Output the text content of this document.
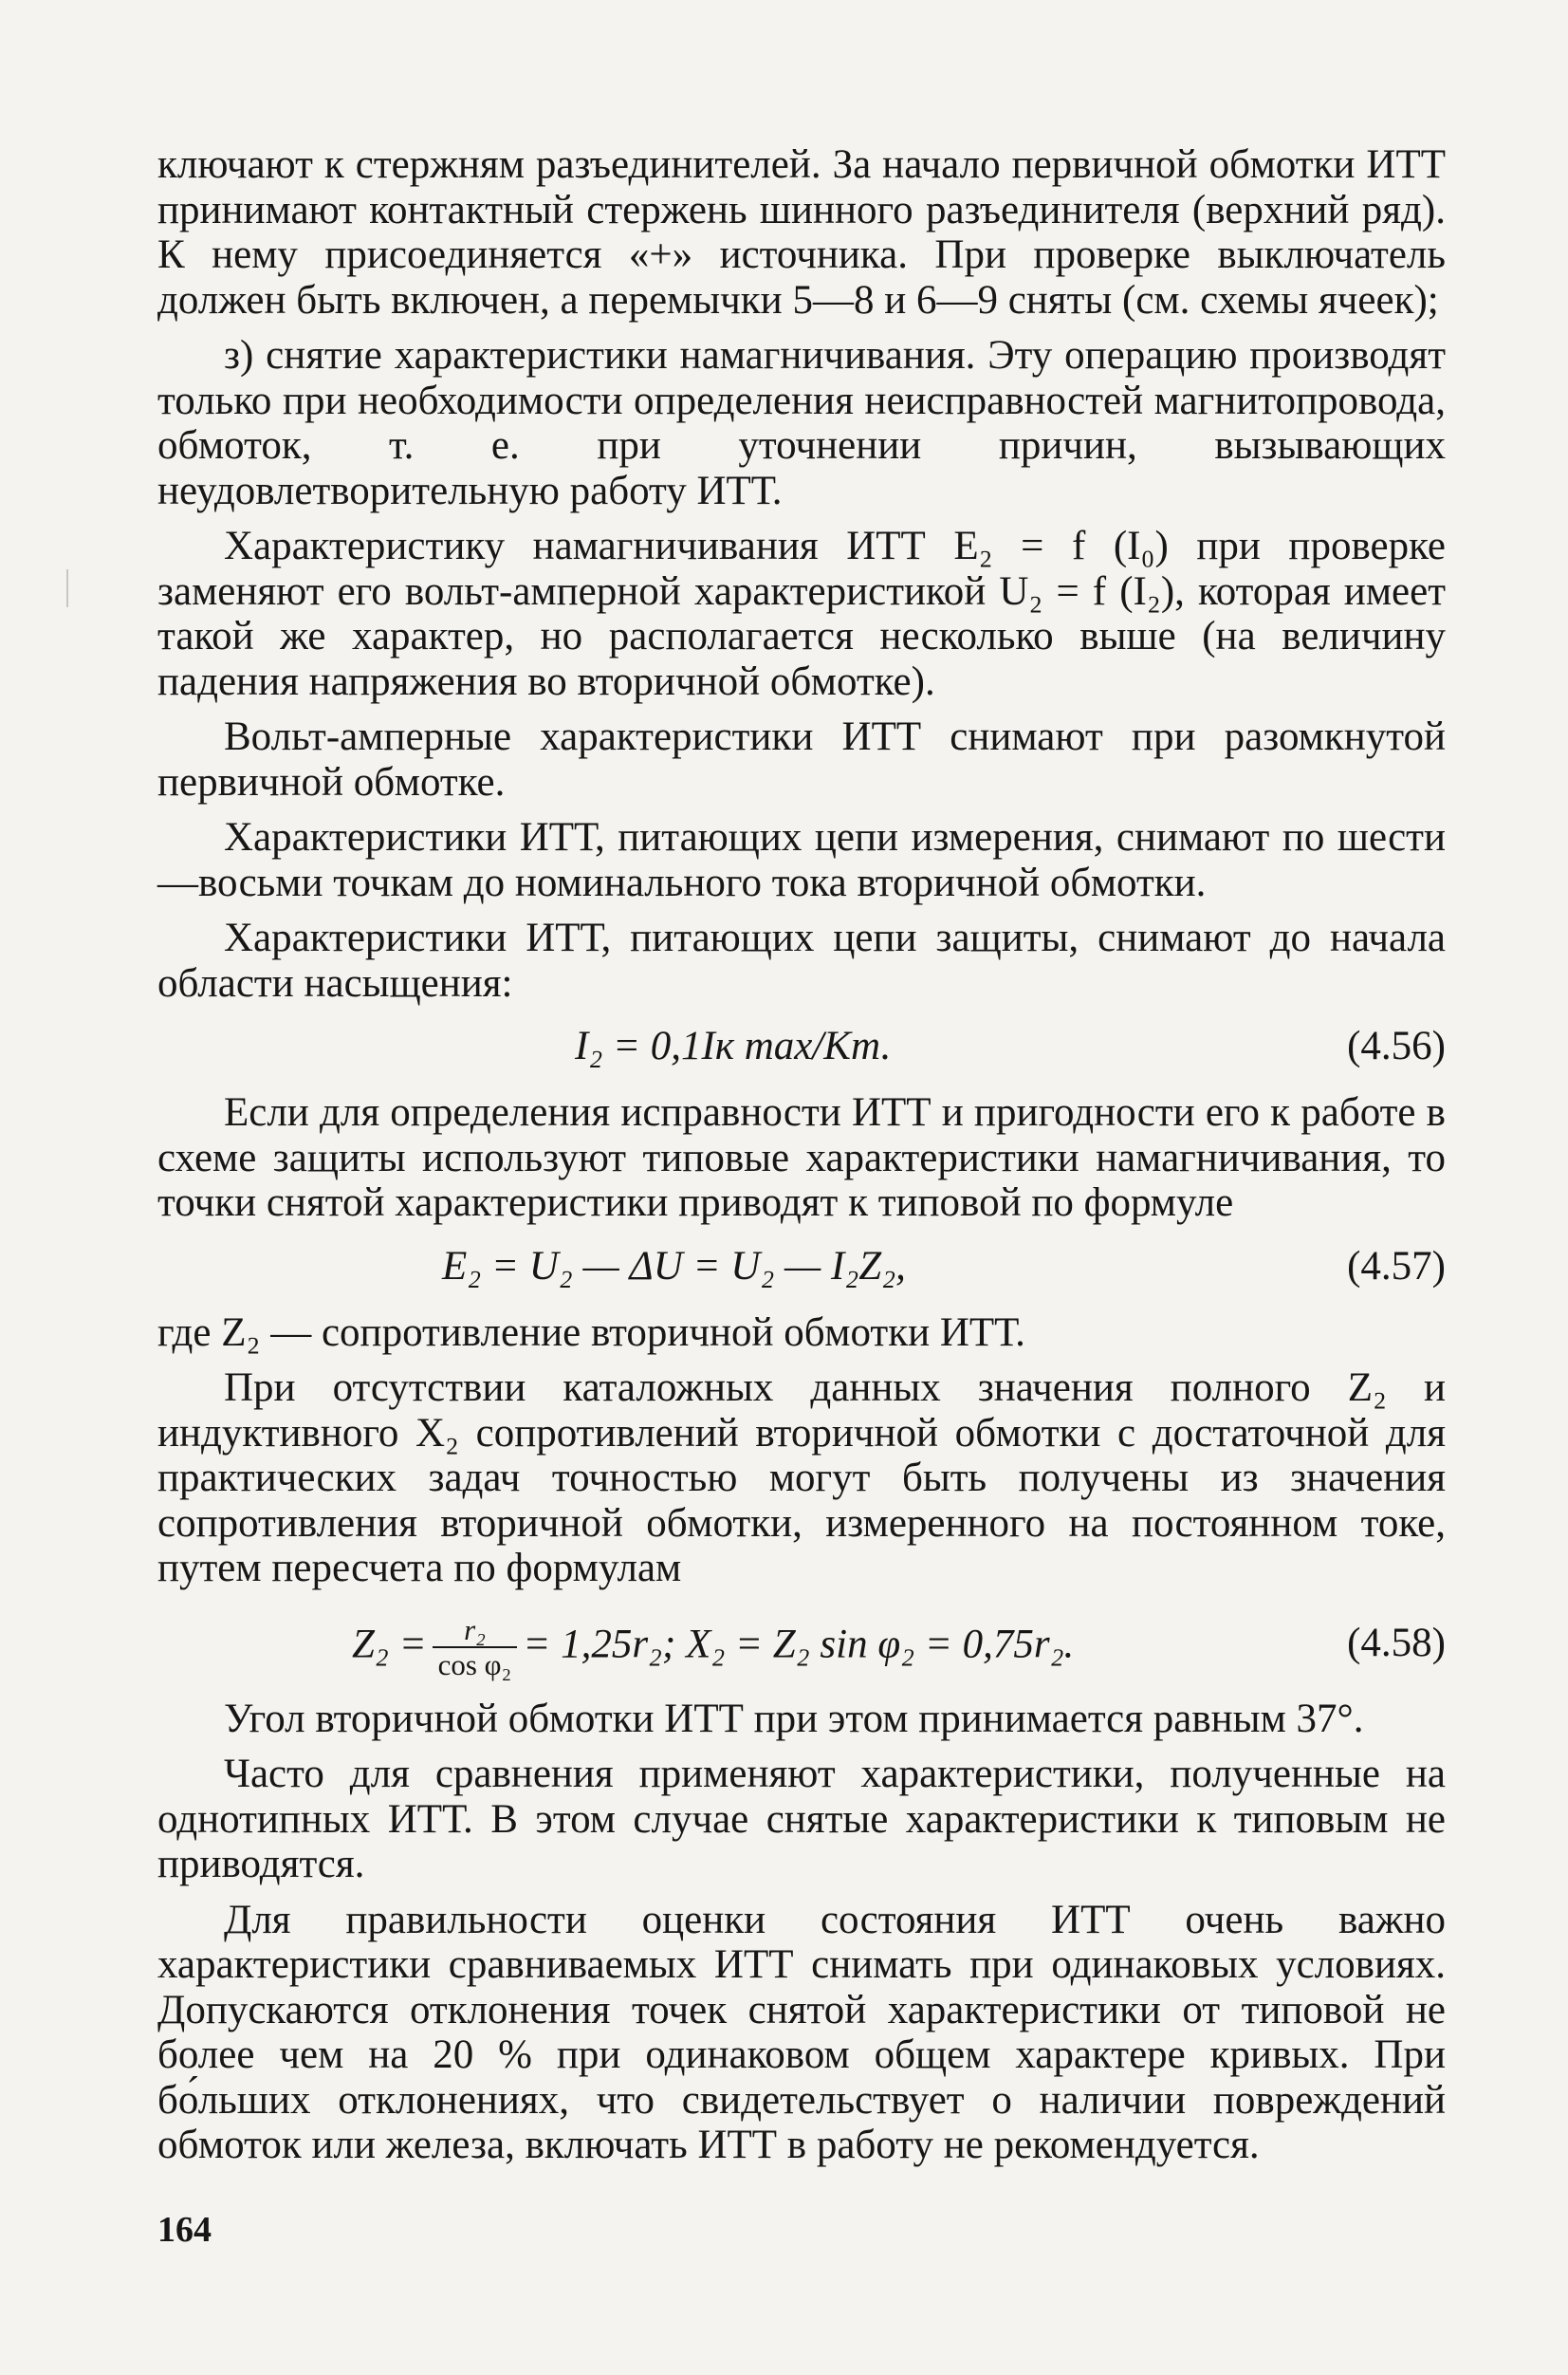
ключают к стержням разъединителей. За начало первичной обмотки ИТТ принимают контактный стержень шинного разъединителя (верхний ряд). К нему присоединяется «+» источника. При проверке выключатель должен быть включен, а перемычки 5—8 и 6—9 сняты (см. схемы ячеек);

з) снятие характеристики намагничивания. Эту операцию производят только при необходимости определения неисправностей магнитопровода, обмоток, т. е. при уточнении причин, вызывающих неудовлетворительную работу ИТТ.

Характеристику намагничивания ИТТ E₂ = f (I₀) при проверке заменяют его вольт-амперной характеристикой U₂ = f (I₂), которая имеет такой же характер, но располагается несколько выше (на величину падения напряжения во вторичной обмотке).

Вольт-амперные характеристики ИТТ снимают при разомкнутой первичной обмотке.

Характеристики ИТТ, питающих цепи измерения, снимают по шести—восьми точкам до номинального тока вторичной обмотки.

Характеристики ИТТ, питающих цепи защиты, снимают до начала области насыщения:

I₂ = 0,1Iк max/Kт.	(4.56)

Если для определения исправности ИТТ и пригодности его к работе в схеме защиты используют типовые характеристики намагничивания, то точки снятой характеристики приводят к типовой по формуле

E₂ = U₂ — ΔU = U₂ — I₂Z₂,	(4.57)

где Z₂ — сопротивление вторичной обмотки ИТТ.

При отсутствии каталожных данных значения полного Z₂ и индуктивного X₂ сопротивлений вторичной обмотки с достаточной для практических задач точностью могут быть получены из значения сопротивления вторичной обмотки, измеренного на постоянном токе, путем пересчета по формулам

$Z_2 = \frac{\text{r₂}}{\text{cos φ₂}} = 1,25r_2$; X₂ = Z₂ sin φ₂ = 0,75r₂.	(4.58)

Угол вторичной обмотки ИТТ при этом принимается равным 37°.

Часто для сравнения применяют характеристики, полученные на однотипных ИТТ. В этом случае снятые характеристики к типовым не приводятся.

Для правильности оценки состояния ИТТ очень важно характеристики сравниваемых ИТТ снимать при одинаковых условиях. Допускаются отклонения точек снятой характеристики от типовой не более чем на 20 % при одинаковом общем характере кривых. При бо́льших отклонениях, что свидетельствует о наличии повреждений обмоток или железа, включать ИТТ в работу не рекомендуется.

164
